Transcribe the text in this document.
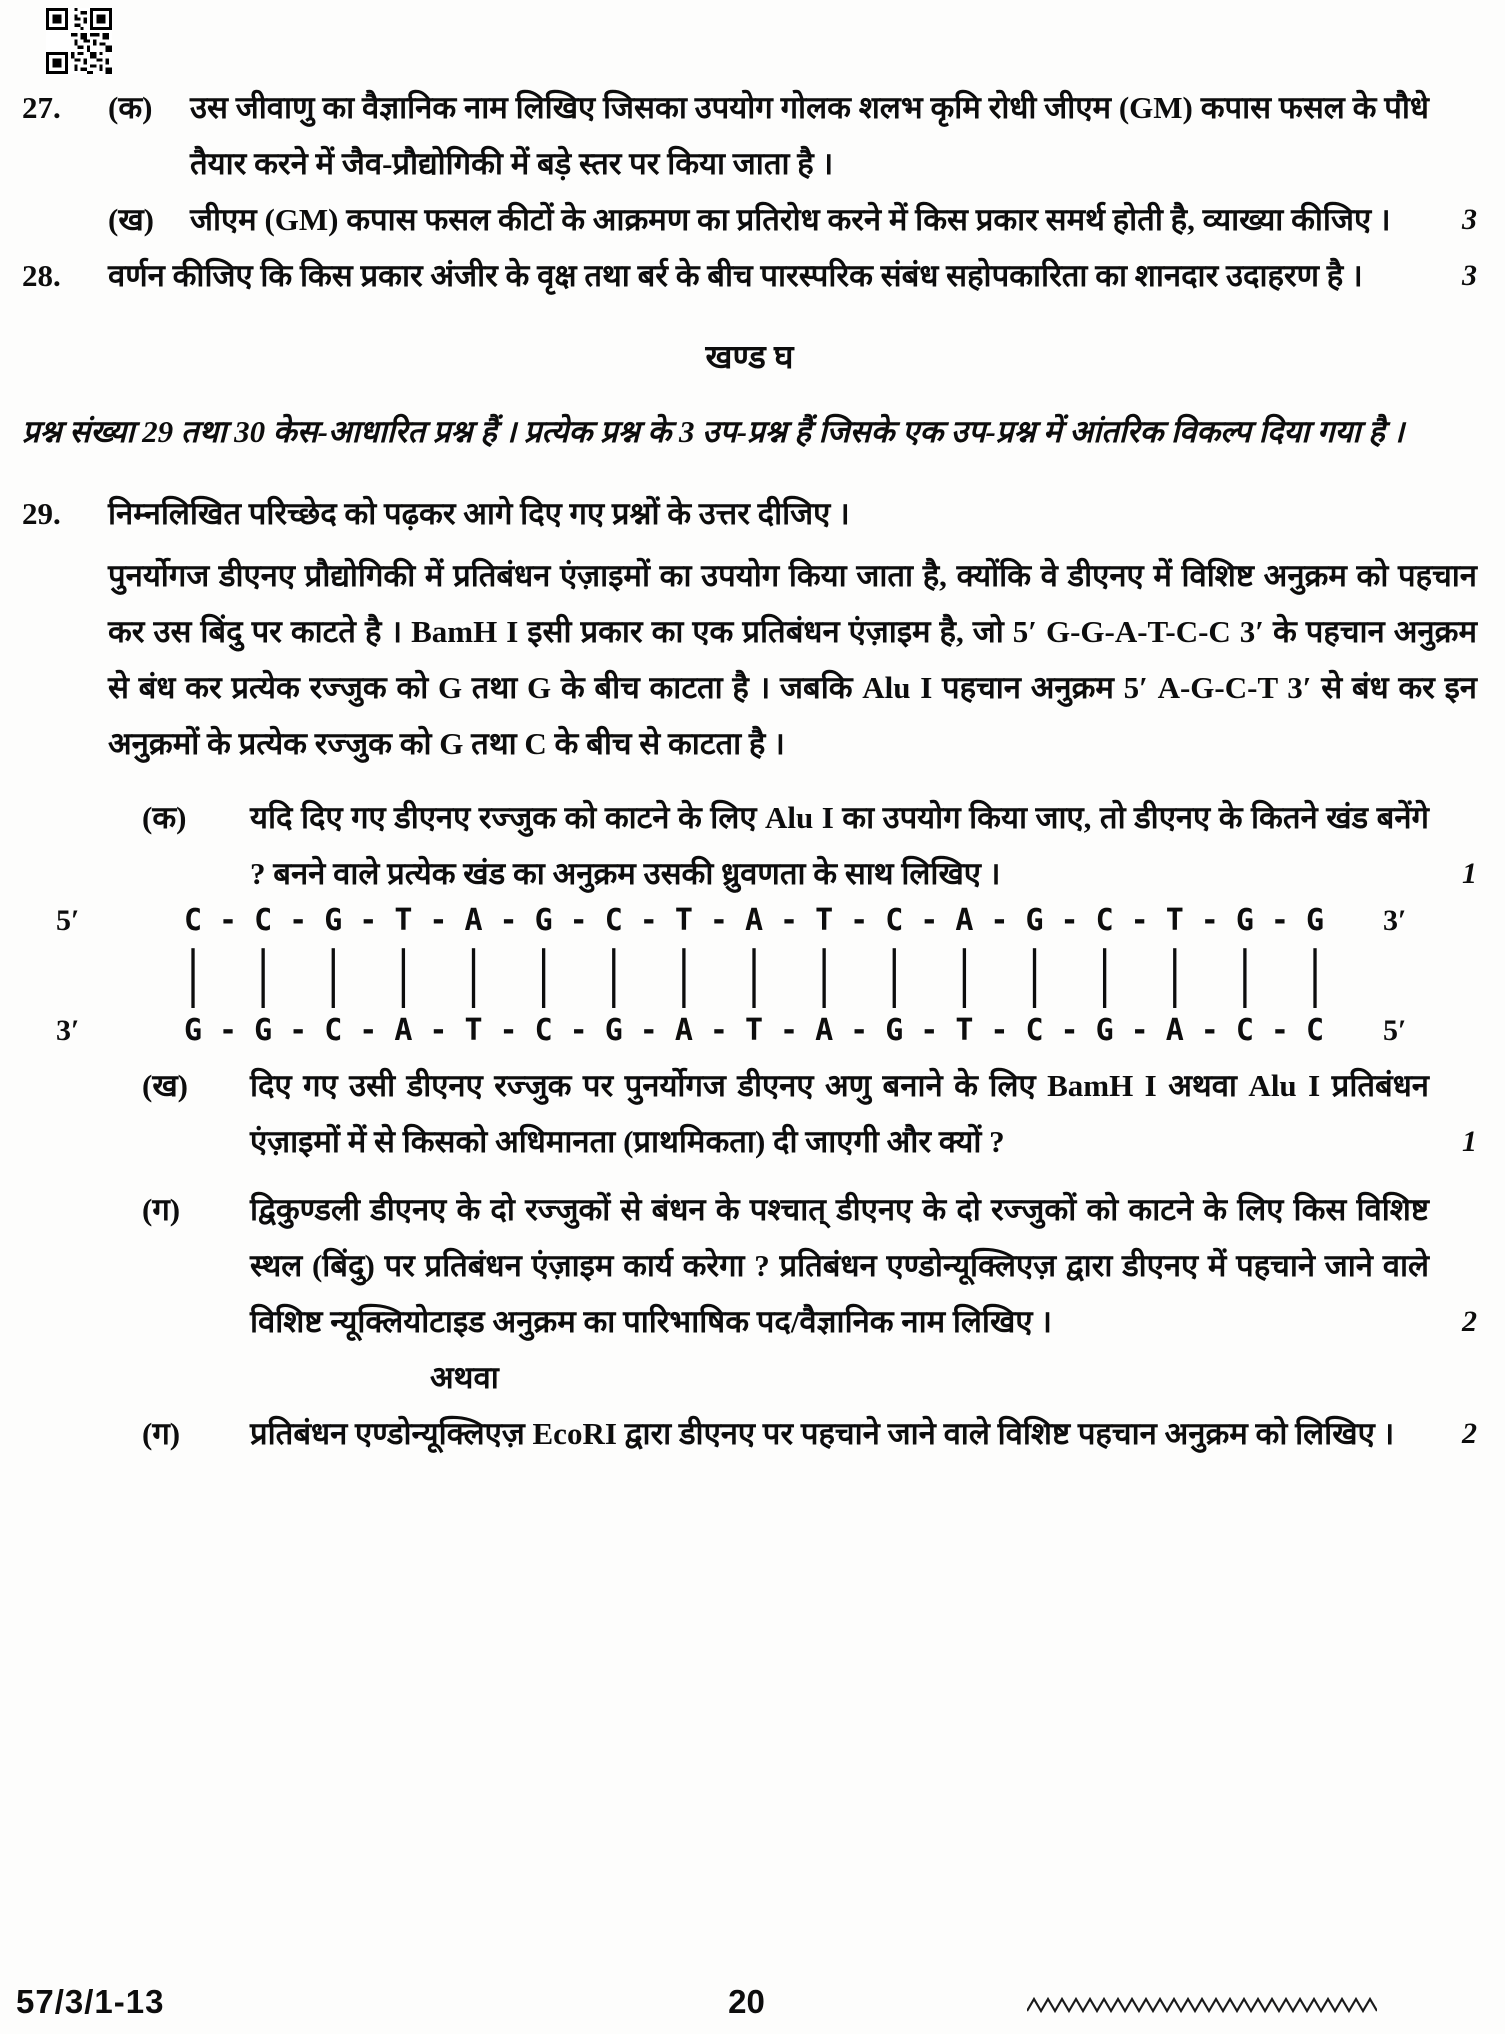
27.	(क)	उस जीवाणु का वैज्ञानिक नाम लिखिए जिसका उपयोग गोलक शलभ कृमि रोधी जीएम (GM) कपास फसल के पौधे तैयार करने में जैव-प्रौद्योगिकी में बड़े स्तर पर किया जाता है ।
(ख)	जीएम (GM) कपास फसल कीटों के आक्रमण का प्रतिरोध करने में किस प्रकार समर्थ होती है, व्याख्या कीजिए ।	3
28.	वर्णन कीजिए कि किस प्रकार अंजीर के वृक्ष तथा बर्र के बीच पारस्परिक संबंध सहोपकारिता का शानदार उदाहरण है ।	3
खण्ड घ
प्रश्न संख्या 29 तथा 30 केस-आधारित प्रश्न हैं । प्रत्येक प्रश्न के 3 उप-प्रश्न हैं जिसके एक उप-प्रश्न में आंतरिक विकल्प दिया गया है ।
29.	निम्नलिखित परिच्छेद को पढ़कर आगे दिए गए प्रश्नों के उत्तर दीजिए ।
पुनर्योगज डीएनए प्रौद्योगिकी में प्रतिबंधन एंज़ाइमों का उपयोग किया जाता है, क्योंकि वे डीएनए में विशिष्ट अनुक्रम को पहचान कर उस बिंदु पर काटते है । BamH I इसी प्रकार का एक प्रतिबंधन एंज़ाइम है, जो 5′ G-G-A-T-C-C 3′ के पहचान अनुक्रम से बंध कर प्रत्येक रज्जुक को G तथा G के बीच काटता है । जबकि Alu I पहचान अनुक्रम 5′ A-G-C-T 3′ से बंध कर इन अनुक्रमों के प्रत्येक रज्जुक को G तथा C के बीच से काटता है ।
(क)	यदि दिए गए डीएनए रज्जुक को काटने के लिए Alu I का उपयोग किया जाए, तो डीएनए के कितने खंड बनेंगे ? बनने वाले प्रत्येक खंड का अनुक्रम उसकी ध्रुवणता के साथ लिखिए ।	1
5′	C-C-G-T-A-G-C-T-A-T-C-A-G-C-T-G-G	3′
| | | | | | | | | | | | | | | | |
3′	G-G-C-A-T-C-G-A-T-A-G-T-C-G-A-C-C	5′
(ख)	दिए गए उसी डीएनए रज्जुक पर पुनर्योगज डीएनए अणु बनाने के लिए BamH I अथवा Alu I प्रतिबंधन एंज़ाइमों में से किसको अधिमानता (प्राथमिकता) दी जाएगी और क्यों ?	1
(ग)	द्विकुण्डली डीएनए के दो रज्जुकों से बंधन के पश्चात् डीएनए के दो रज्जुकों को काटने के लिए किस विशिष्ट स्थल (बिंदु) पर प्रतिबंधन एंज़ाइम कार्य करेगा ? प्रतिबंधन एण्डोन्यूक्लिएज़ द्वारा डीएनए में पहचाने जाने वाले विशिष्ट न्यूक्लियोटाइड अनुक्रम का पारिभाषिक पद/वैज्ञानिक नाम लिखिए ।	2
अथवा
(ग)	प्रतिबंधन एण्डोन्यूक्लिएज़ EcoRI द्वारा डीएनए पर पहचाने जाने वाले विशिष्ट पहचान अनुक्रम को लिखिए ।	2
57/3/1-13	20
